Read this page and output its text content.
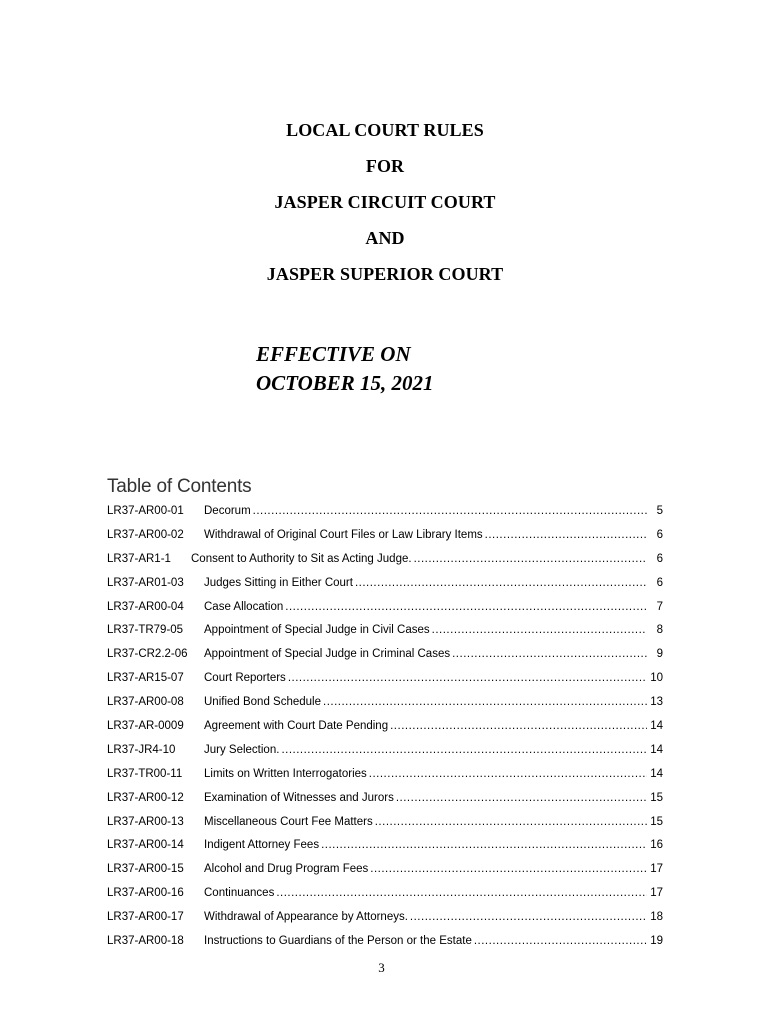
LOCAL COURT RULES
FOR
JASPER CIRCUIT COURT
AND
JASPER SUPERIOR COURT
EFFECTIVE ON
OCTOBER 15, 2021
Table of Contents
LR37-AR00-01	Decorum .....	5
LR37-AR00-02	Withdrawal of Original Court Files or Law Library Items .....	6
LR37-AR1-1	Consent to Authority to Sit as Acting Judge. .....	6
LR37-AR01-03	Judges Sitting in Either Court .....	6
LR37-AR00-04	Case Allocation .....	7
LR37-TR79-05	Appointment of Special Judge in Civil Cases .....	8
LR37-CR2.2-06	Appointment of Special Judge in Criminal Cases .....	9
LR37-AR15-07	Court Reporters .....	10
LR37-AR00-08	Unified Bond Schedule .....	13
LR37-AR-0009	Agreement with Court Date Pending .....	14
LR37-JR4-10	Jury Selection. .....	14
LR37-TR00-11	Limits on Written Interrogatories .....	14
LR37-AR00-12	Examination of Witnesses and Jurors .....	15
LR37-AR00-13	Miscellaneous Court Fee Matters .....	15
LR37-AR00-14	Indigent Attorney Fees .....	16
LR37-AR00-15	Alcohol and Drug Program Fees .....	17
LR37-AR00-16	Continuances .....	17
LR37-AR00-17	Withdrawal of Appearance by Attorneys. .....	18
LR37-AR00-18	Instructions to Guardians of the Person or the Estate .....	19
3
